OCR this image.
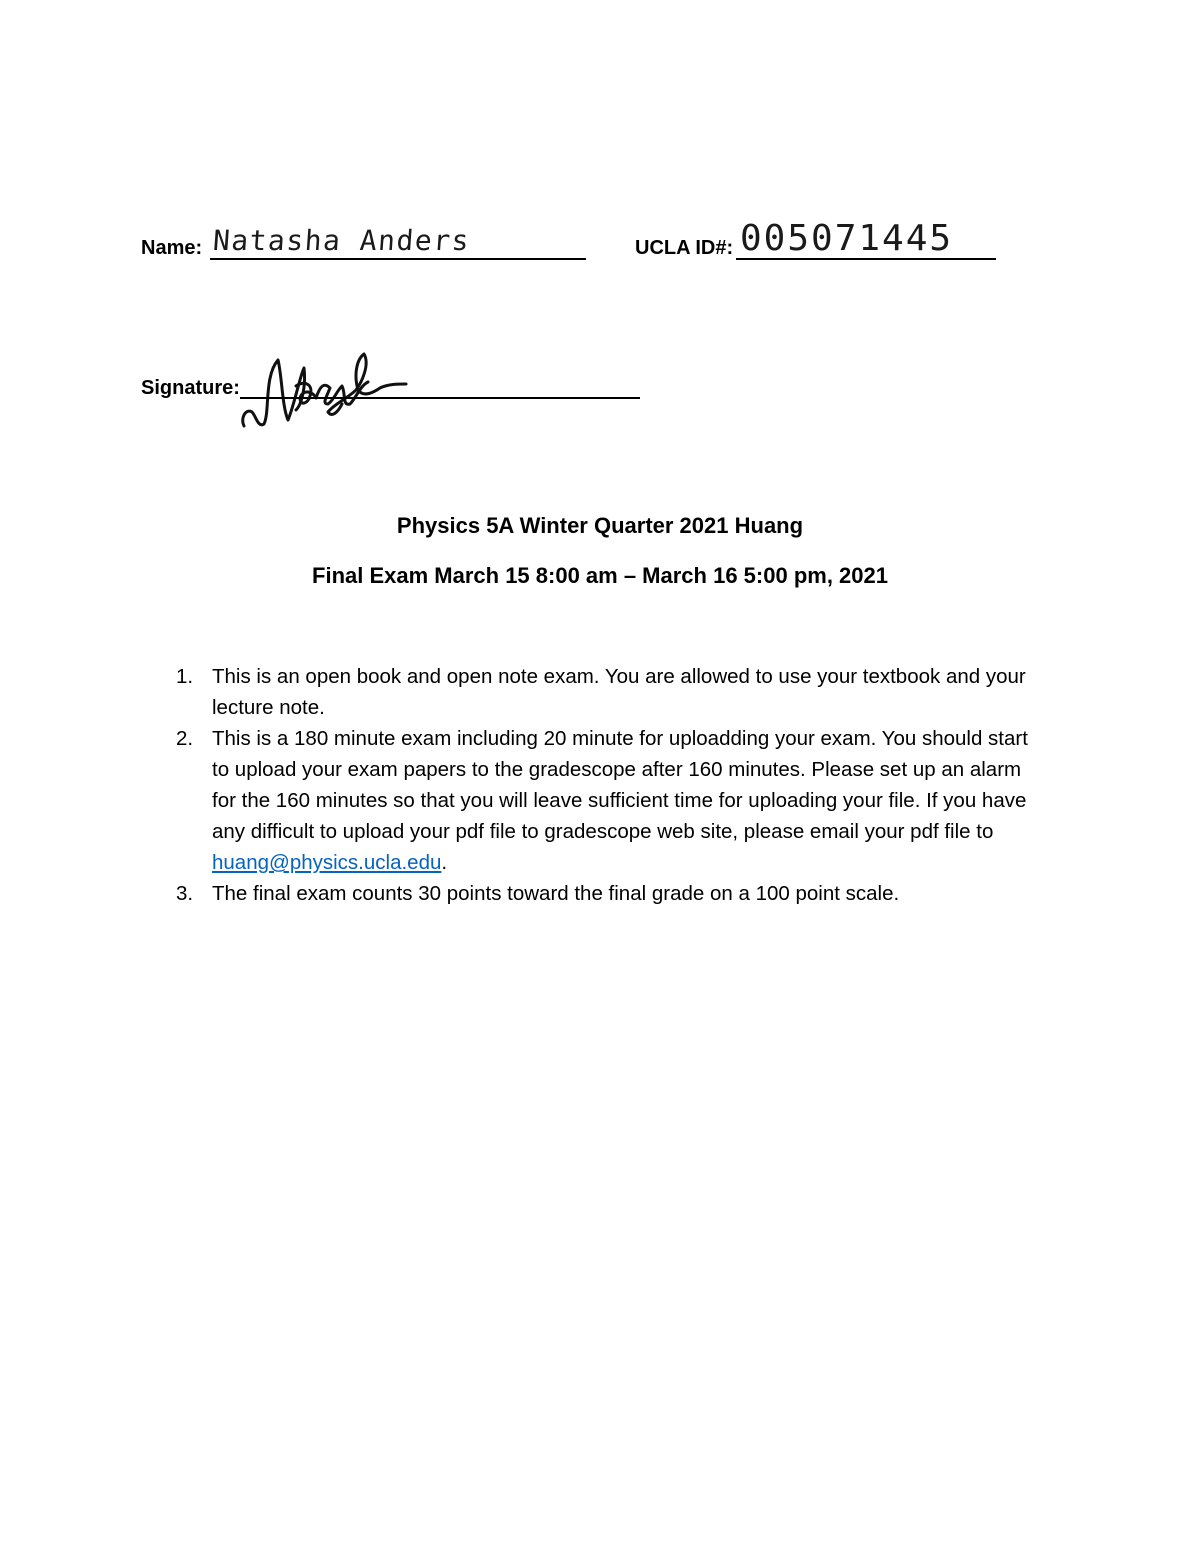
Name: Natasha Anders	UCLA ID#: 005071445
Signature:
Physics 5A Winter Quarter 2021 Huang
Final Exam March 15 8:00 am – March 16 5:00 pm, 2021
1. This is an open book and open note exam. You are allowed to use your textbook and your lecture note.
2. This is a 180 minute exam including 20 minute for uploadding your exam. You should start to upload your exam papers to the gradescope after 160 minutes. Please set up an alarm for the 160 minutes so that you will leave sufficient time for uploading your file. If you have any difficult to upload your pdf file to gradescope web site, please email your pdf file to huang@physics.ucla.edu.
3. The final exam counts 30 points toward the final grade on a 100 point scale.
